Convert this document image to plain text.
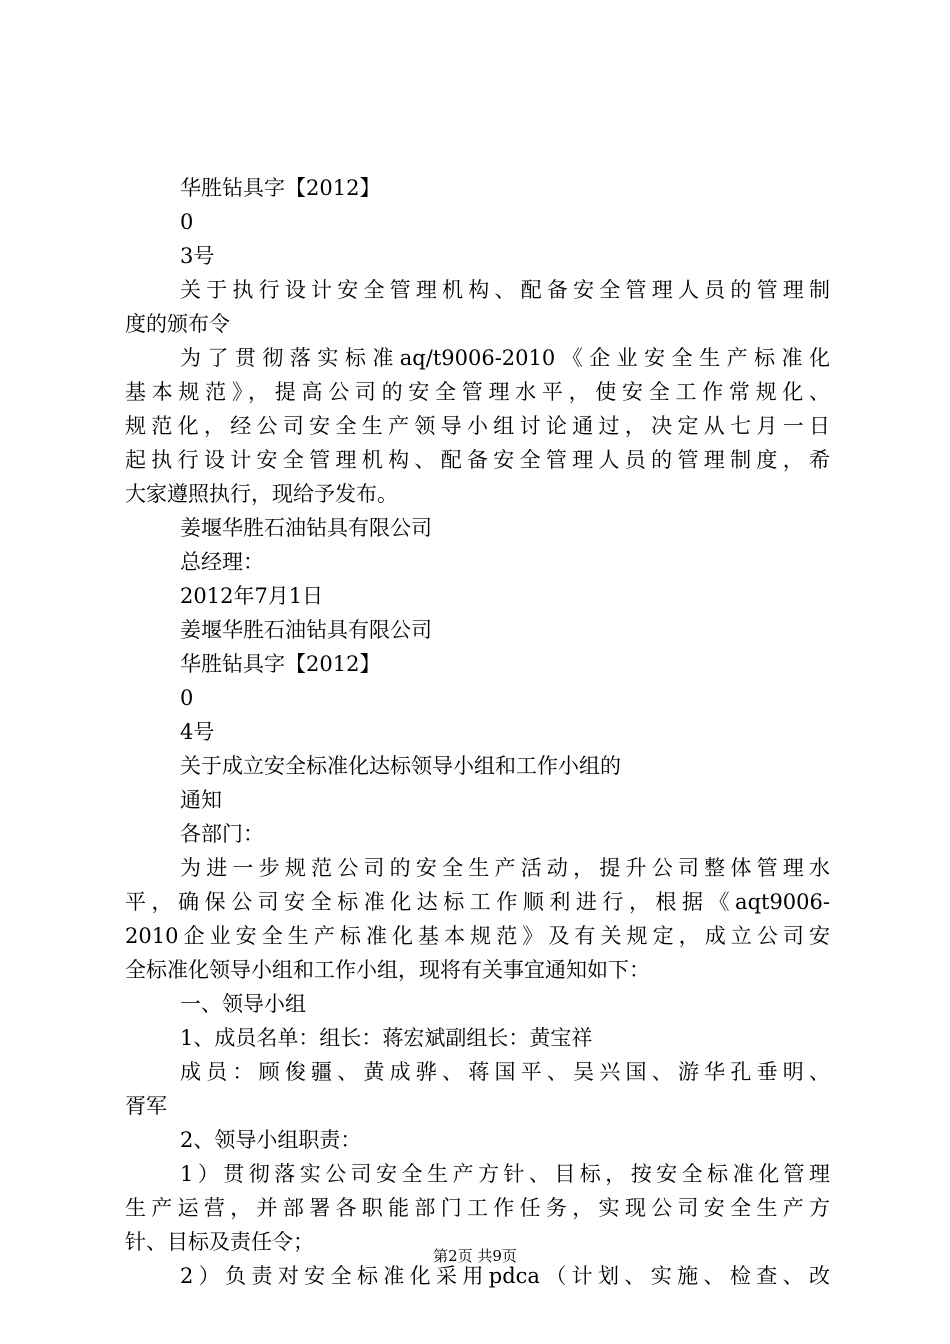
华胜钻具字【2012】
0
3号
关于执行设计安全管理机构、配备安全管理人员的管理制
度的颁布令
为了贯彻落实标准aq/t9006-2010《企业安全生产标准化
基本规范》，提高公司的安全管理水平，使安全工作常规化、
规范化，经公司安全生产领导小组讨论通过，决定从七月一日
起执行设计安全管理机构、配备安全管理人员的管理制度，希
大家遵照执行，现给予发布。
姜堰华胜石油钻具有限公司
总经理：
2012年7月1日
姜堰华胜石油钻具有限公司
华胜钻具字【2012】
0
4号
关于成立安全标准化达标领导小组和工作小组的
通知
各部门：
为进一步规范公司的安全生产活动，提升公司整体管理水
平，确保公司安全标准化达标工作顺利进行，根据《aqt9006-
2010企业安全生产标准化基本规范》及有关规定，成立公司安
全标准化领导小组和工作小组，现将有关事宜通知如下：
一、领导小组
1、成员名单：组长：蒋宏斌副组长：黄宝祥
成员：顾俊疆、黄成骅、蒋国平、吴兴国、游华孔垂明、
胥军
2、领导小组职责：
1）贯彻落实公司安全生产方针、目标，按安全标准化管理
生产运营，并部署各职能部门工作任务，实现公司安全生产方
针、目标及责任令；
2）负责对安全标准化采用pdca（计划、实施、检查、改
第2页 共9页
